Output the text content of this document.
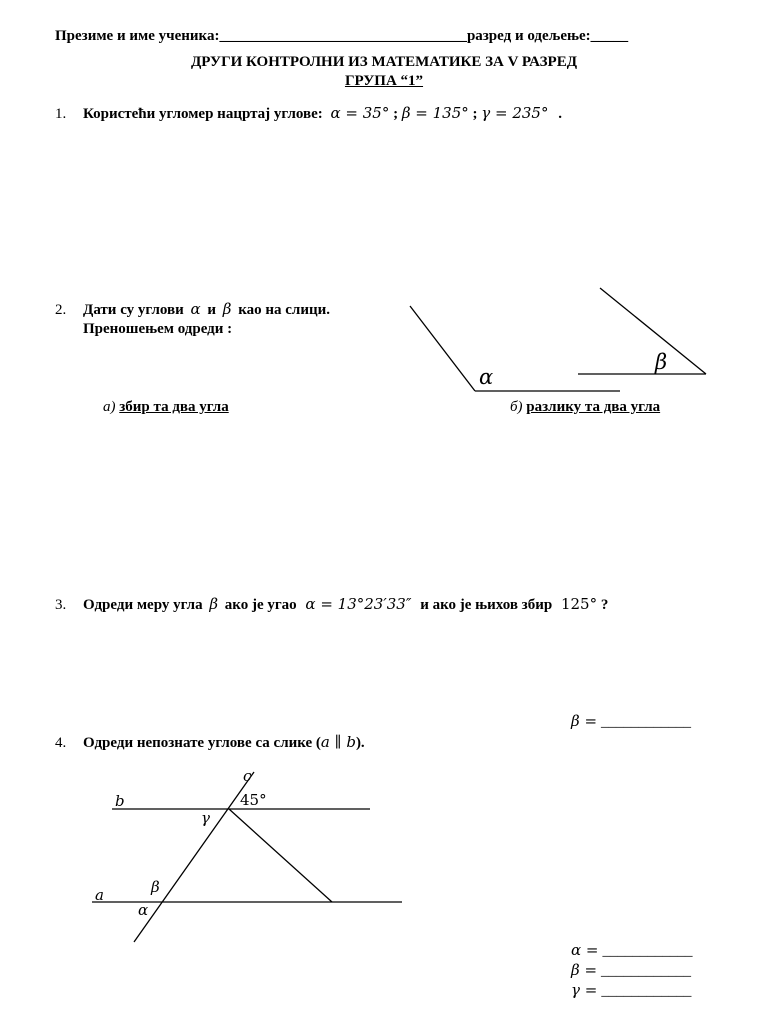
Презиме и име ученика:_________________________________разред и одељење:_____
ДРУГИ КОНТРОЛНИ ИЗ МАТЕМАТИКЕ ЗА V РАЗРЕД
ГРУПА “1”
1. Користећи угломер нацртај углове: α = 35° ; β = 135° ; γ = 235° .
2. Дати су углови α и β као на слици.
Преношењем одреди :
а) збир та два угла	б) разлику та два угла
α
β
3. Одреди меру угла β ако је угао α = 13°23′33″ и ако је њихов збир 125° ?
β = ____________
4. Одреди непознате углове са слике (a ∥ b).
b
a
c
45°
γ
β
α
α = ____________
β = ____________
γ = ____________
